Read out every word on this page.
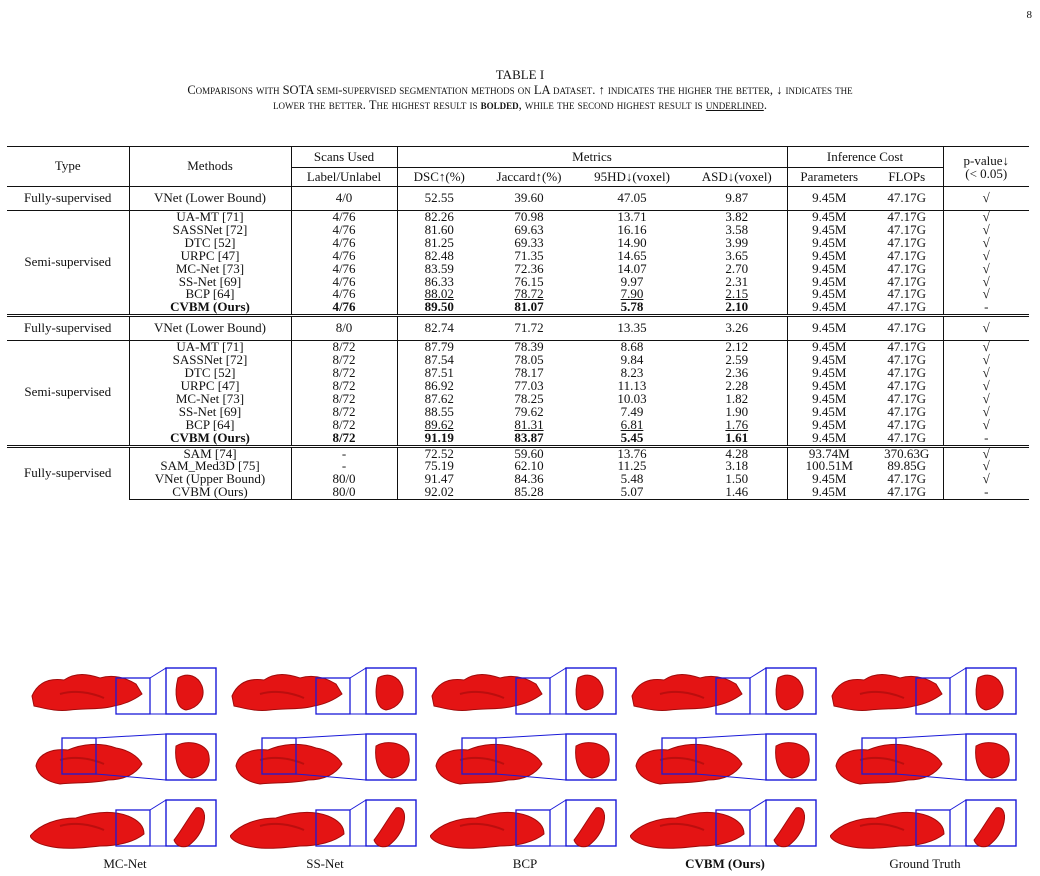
8
TABLE I
Comparisons with SOTA semi-supervised segmentation methods on LA dataset. ↑ indicates the higher the better, ↓ indicates the
lower the better. The highest result is bolded, while the second highest result is underlined.
Type	Methods	Scans Used	Metrics				Inference Cost		p-value↓
		Label/Unlabel	DSC↑(%)	Jaccard↑(%)	95HD↓(voxel)	ASD↓(voxel)	Parameters	FLOPs	(< 0.05)
Fully-supervised	VNet (Lower Bound)	4/0	52.55	39.60	47.05	9.87	9.45M	47.17G	√
Semi-supervised	UA-MT [71]	4/76	82.26	70.98	13.71	3.82	9.45M	47.17G	√
	SASSNet [72]	4/76	81.60	69.63	16.16	3.58	9.45M	47.17G	√
	DTC [52]	4/76	81.25	69.33	14.90	3.99	9.45M	47.17G	√
	URPC [47]	4/76	82.48	71.35	14.65	3.65	9.45M	47.17G	√
	MC-Net [73]	4/76	83.59	72.36	14.07	2.70	9.45M	47.17G	√
	SS-Net [69]	4/76	86.33	76.15	9.97	2.31	9.45M	47.17G	√
	BCP [64]	4/76	88.02	78.72	7.90	2.15	9.45M	47.17G	√
	CVBM (Ours)	4/76	89.50	81.07	5.78	2.10	9.45M	47.17G	-
Fully-supervised	VNet (Lower Bound)	8/0	82.74	71.72	13.35	3.26	9.45M	47.17G	√
Semi-supervised	UA-MT [71]	8/72	87.79	78.39	8.68	2.12	9.45M	47.17G	√
	SASSNet [72]	8/72	87.54	78.05	9.84	2.59	9.45M	47.17G	√
	DTC [52]	8/72	87.51	78.17	8.23	2.36	9.45M	47.17G	√
	URPC [47]	8/72	86.92	77.03	11.13	2.28	9.45M	47.17G	√
	MC-Net [73]	8/72	87.62	78.25	10.03	1.82	9.45M	47.17G	√
	SS-Net [69]	8/72	88.55	79.62	7.49	1.90	9.45M	47.17G	√
	BCP [64]	8/72	89.62	81.31	6.81	1.76	9.45M	47.17G	√
	CVBM (Ours)	8/72	91.19	83.87	5.45	1.61	9.45M	47.17G	-
Fully-supervised	SAM [74]	-	72.52	59.60	13.76	4.28	93.74M	370.63G	√
	SAM_Med3D [75]	-	75.19	62.10	11.25	3.18	100.51M	89.85G	√
	VNet (Upper Bound)	80/0	91.47	84.36	5.48	1.50	9.45M	47.17G	√
	CVBM (Ours)	80/0	92.02	85.28	5.07	1.46	9.45M	47.17G	-
MC-Net	SS-Net	BCP	CVBM (Ours)	Ground Truth
